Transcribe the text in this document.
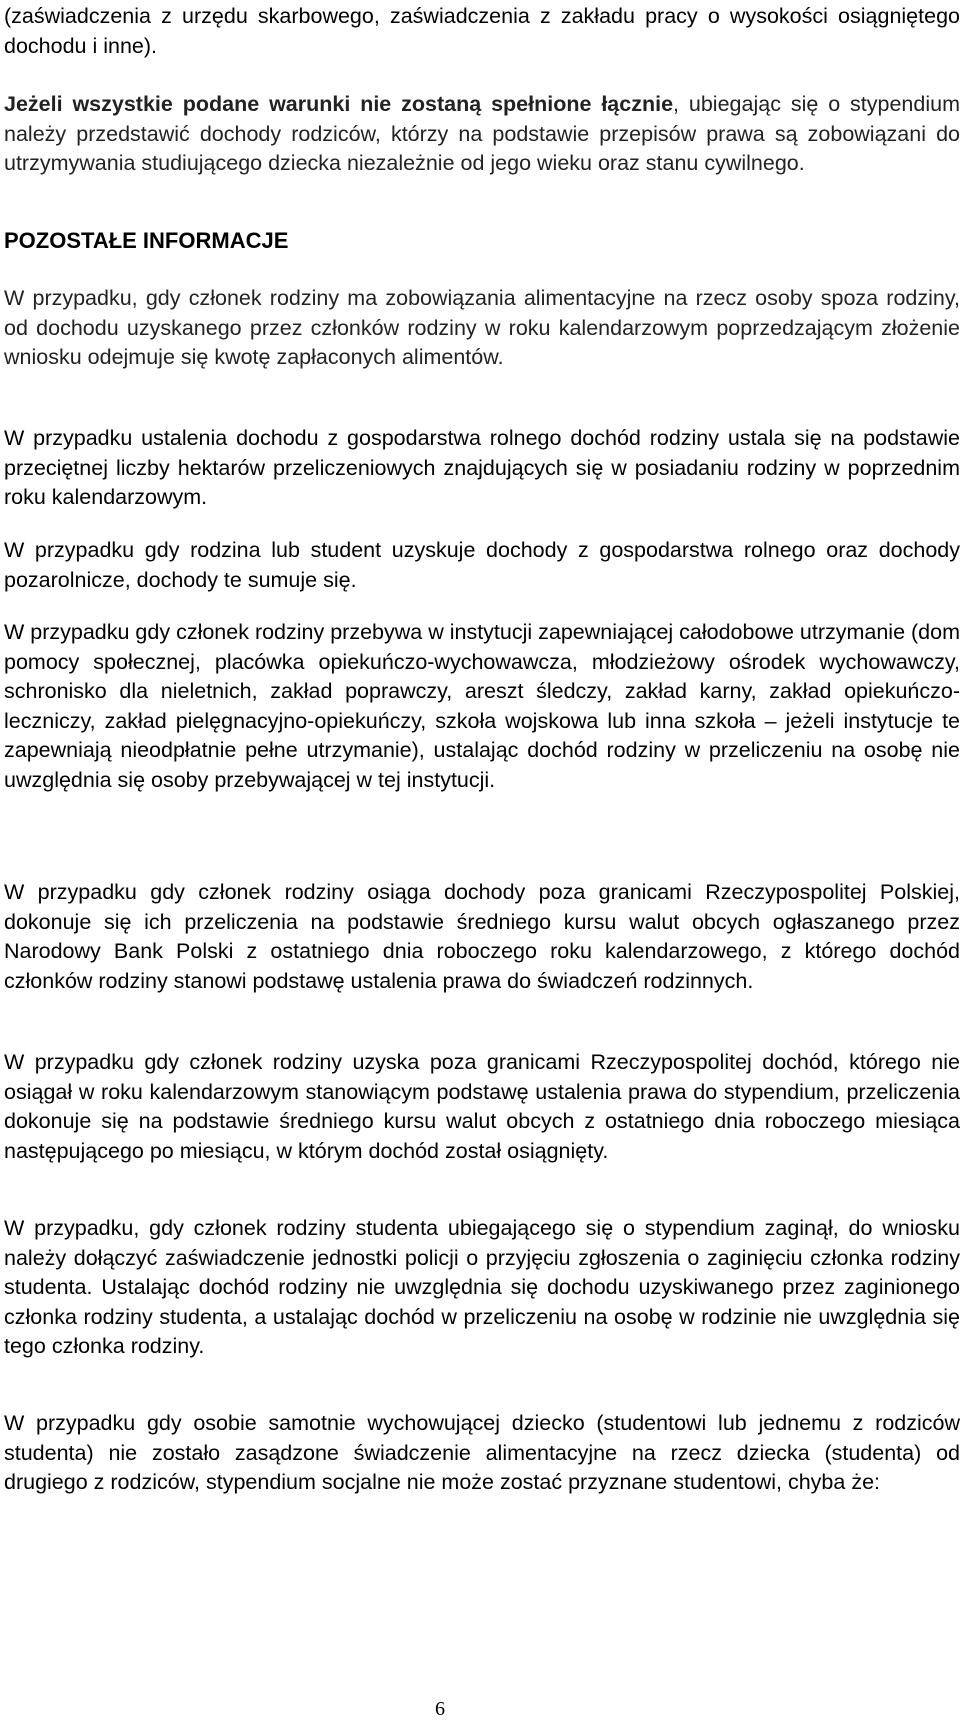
(zaświadczenia z urzędu skarbowego, zaświadczenia z zakładu pracy o wysokości osiągniętego dochodu i inne).

Jeżeli wszystkie podane warunki nie zostaną spełnione łącznie, ubiegając się o stypendium należy przedstawić dochody rodziców, którzy na podstawie przepisów prawa są zobowiązani do utrzymywania studiującego dziecka niezależnie od jego wieku oraz stanu cywilnego.

POZOSTAŁE INFORMACJE

W przypadku, gdy członek rodziny ma zobowiązania alimentacyjne na rzecz osoby spoza rodziny, od dochodu uzyskanego przez członków rodziny w roku kalendarzowym poprzedzającym złożenie wniosku odejmuje się kwotę zapłaconych alimentów.

W przypadku ustalenia dochodu z gospodarstwa rolnego dochód rodziny ustala się na podstawie przeciętnej liczby hektarów przeliczeniowych znajdujących się w posiadaniu rodziny w poprzednim roku kalendarzowym.

W przypadku gdy rodzina lub student uzyskuje dochody z gospodarstwa rolnego oraz dochody pozarolnicze, dochody te sumuje się.

W przypadku gdy członek rodziny przebywa w instytucji zapewniającej całodobowe utrzymanie (dom pomocy społecznej, placówka opiekuńczo-wychowawcza, młodzieżowy ośrodek wychowawczy, schronisko dla nieletnich, zakład poprawczy, areszt śledczy, zakład karny, zakład opiekuńczo-leczniczy, zakład pielęgnacyjno-opiekuńczy, szkoła wojskowa lub inna szkoła – jeżeli instytucje te zapewniają nieodpłatnie pełne utrzymanie), ustalając dochód rodziny w przeliczeniu na osobę nie uwzględnia się osoby przebywającej w tej instytucji.

W przypadku gdy członek rodziny osiąga dochody poza granicami Rzeczypospolitej Polskiej, dokonuje się ich przeliczenia na podstawie średniego kursu walut obcych ogłaszanego przez Narodowy Bank Polski z ostatniego dnia roboczego roku kalendarzowego, z którego dochód członków rodziny stanowi podstawę ustalenia prawa do świadczeń rodzinnych.

W przypadku gdy członek rodziny uzyska poza granicami Rzeczypospolitej dochód, którego nie osiągał w roku kalendarzowym stanowiącym podstawę ustalenia prawa do stypendium, przeliczenia dokonuje się na podstawie średniego kursu walut obcych z ostatniego dnia roboczego miesiąca następującego po miesiącu, w którym dochód został osiągnięty.

W przypadku, gdy członek rodziny studenta ubiegającego się o stypendium zaginął, do wniosku należy dołączyć zaświadczenie jednostki policji o przyjęciu zgłoszenia o zaginięciu członka rodziny studenta. Ustalając dochód rodziny nie uwzględnia się dochodu uzyskiwanego przez zaginionego członka rodziny studenta, a ustalając dochód w przeliczeniu na osobę w rodzinie nie uwzględnia się tego członka rodziny.

W przypadku gdy osobie samotnie wychowującej dziecko (studentowi lub jednemu z rodziców studenta) nie zostało zasądzone świadczenie alimentacyjne na rzecz dziecka (studenta) od drugiego z rodziców, stypendium socjalne nie może zostać przyznane studentowi, chyba że:

6
